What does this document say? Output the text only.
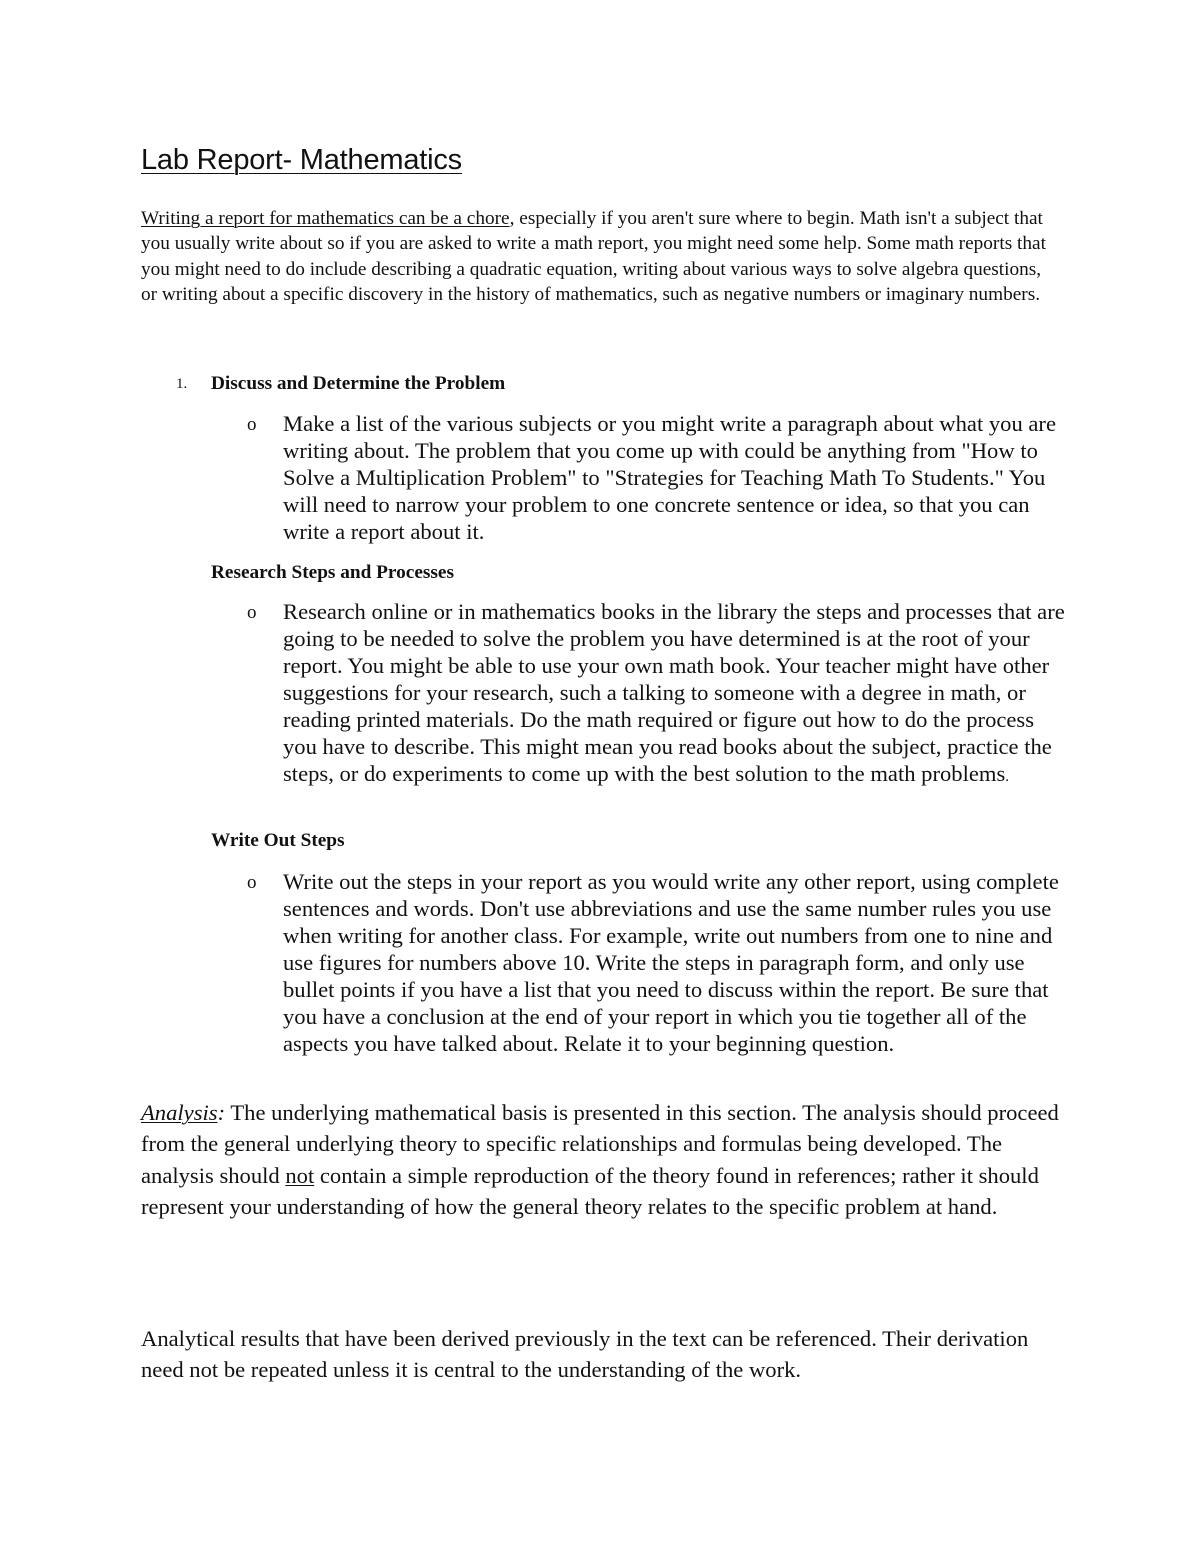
Lab Report- Mathematics

Writing a report for mathematics can be a chore, especially if you aren't sure where to begin. Math isn't a subject that you usually write about so if you are asked to write a math report, you might need some help. Some math reports that you might need to do include describing a quadratic equation, writing about various ways to solve algebra questions, or writing about a specific discovery in the history of mathematics, such as negative numbers or imaginary numbers.

1. Discuss and Determine the Problem
o Make a list of the various subjects or you might write a paragraph about what you are writing about. The problem that you come up with could be anything from "How to Solve a Multiplication Problem" to "Strategies for Teaching Math To Students." You will need to narrow your problem to one concrete sentence or idea, so that you can write a report about it.

Research Steps and Processes
o Research online or in mathematics books in the library the steps and processes that are going to be needed to solve the problem you have determined is at the root of your report. You might be able to use your own math book. Your teacher might have other suggestions for your research, such a talking to someone with a degree in math, or reading printed materials. Do the math required or figure out how to do the process you have to describe. This might mean you read books about the subject, practice the steps, or do experiments to come up with the best solution to the math problems.

Write Out Steps
o Write out the steps in your report as you would write any other report, using complete sentences and words. Don't use abbreviations and use the same number rules you use when writing for another class. For example, write out numbers from one to nine and use figures for numbers above 10. Write the steps in paragraph form, and only use bullet points if you have a list that you need to discuss within the report. Be sure that you have a conclusion at the end of your report in which you tie together all of the aspects you have talked about. Relate it to your beginning question.

Analysis: The underlying mathematical basis is presented in this section. The analysis should proceed from the general underlying theory to specific relationships and formulas being developed. The analysis should not contain a simple reproduction of the theory found in references; rather it should represent your understanding of how the general theory relates to the specific problem at hand.

Analytical results that have been derived previously in the text can be referenced. Their derivation need not be repeated unless it is central to the understanding of the work.
